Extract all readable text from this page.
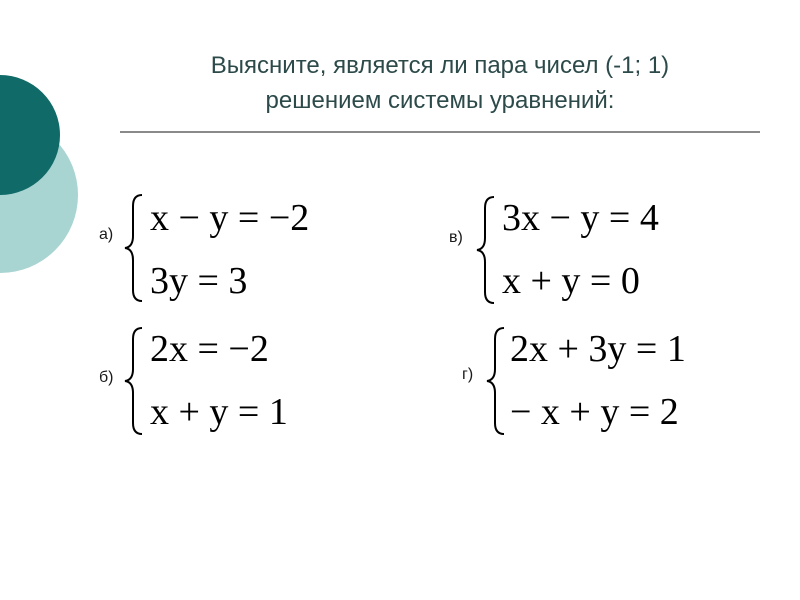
Выясните, является ли пара чисел (-1; 1)
решением системы уравнений:
а) x − y = −2
3y = 3
в) 3x − y = 4
x + y = 0
б)
2x = −2
x + y = 1
г)
2x + 3y = 1
− x + y = 2
